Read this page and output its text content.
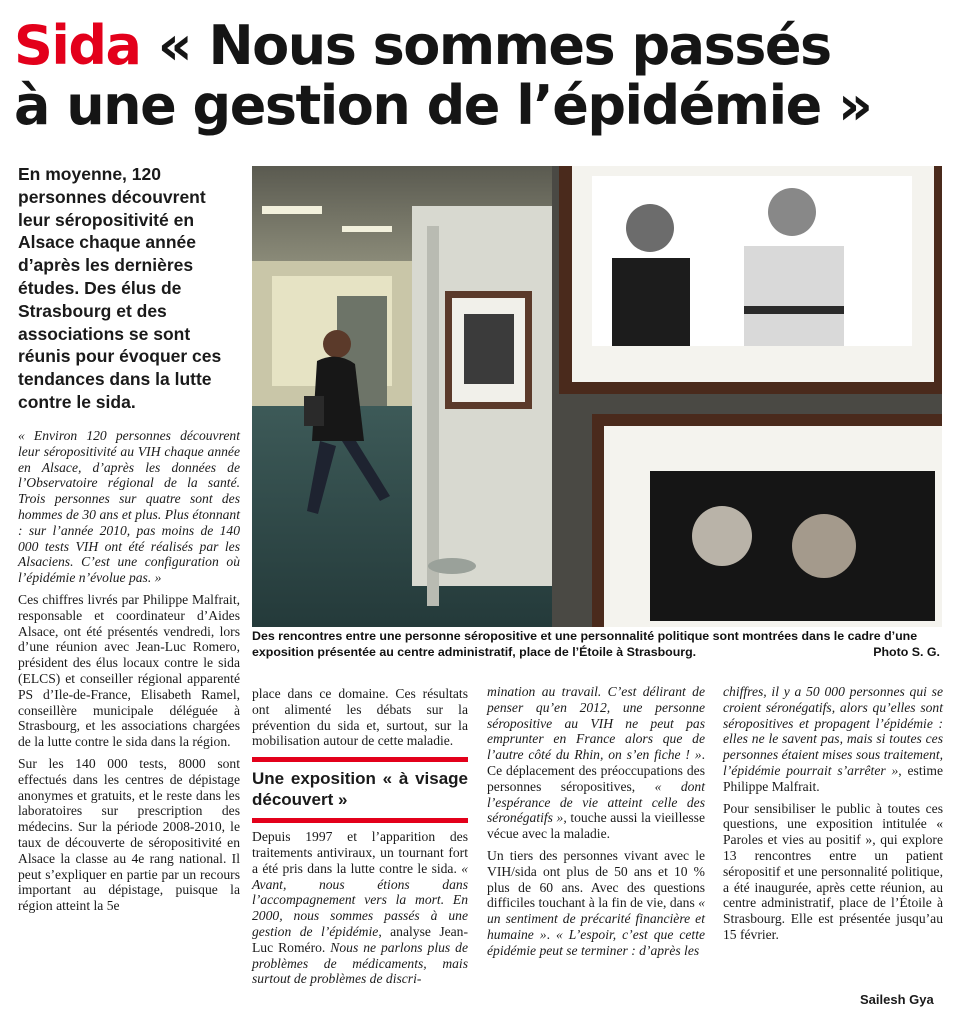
Sida « Nous sommes passés
à une gestion de l’épidémie »
En moyenne, 120 personnes découvrent leur séropositivité en Alsace chaque année d’après les dernières études. Des élus de Strasbourg et des associations se sont réunis pour évoquer ces tendances dans la lutte contre le sida.
Des rencontres entre une personne séropositive et une personnalité politique sont montrées dans le cadre d’une exposition présentée au centre administratif, place de l’Étoile à Strasbourg.	Photo S. G.

« Environ 120 personnes découvrent leur séropositivité au VIH chaque année en Alsace, d’après les données de l’Observatoire régional de la santé. Trois personnes sur quatre sont des hommes de 30 ans et plus. Plus étonnant : sur l’année 2010, pas moins de 140 000 tests VIH ont été réalisés par les Alsaciens. C’est une configuration où l’épidémie n’évolue pas. »

Ces chiffres livrés par Philippe Malfrait, responsable et coordinateur d’Aides Alsace, ont été présentés vendredi, lors d’une réunion avec Jean-Luc Romero, président des élus locaux contre le sida (ELCS) et conseiller régional apparenté PS d’Ile-de-France, Elisabeth Ramel, conseillère municipale déléguée à Strasbourg, et les associations chargées de la lutte contre le sida dans la région.

Sur les 140 000 tests, 8000 sont effectués dans les centres de dépistage anonymes et gratuits, et le reste dans les laboratoires sur prescription des médecins. Sur la période 2008-2010, le taux de découverte de séropositivité en Alsace la classe au 4e rang national. Il peut s’expliquer en partie par un recours important au dépistage, puisque la région atteint la 5e

place dans ce domaine. Ces résultats ont alimenté les débats sur la prévention du sida et, surtout, sur la mobilisation autour de cette maladie.

Une exposition « à visage découvert »

Depuis 1997 et l’apparition des traitements antiviraux, un tournant fort a été pris dans la lutte contre le sida. « Avant, nous étions dans l’accompagnement vers la mort. En 2000, nous sommes passés à une gestion de l’épidémie, analyse Jean-Luc Roméro. Nous ne parlons plus de problèmes de médicaments, mais surtout de problèmes de discri-

mination au travail. C’est délirant de penser qu’en 2012, une personne séropositive au VIH ne peut pas emprunter en France alors que de l’autre côté du Rhin, on s’en fiche ! ». Ce déplacement des préoccupations des personnes séropositives, « dont l’espérance de vie atteint celle des séronégatifs », touche aussi la vieillesse vécue avec la maladie.

Un tiers des personnes vivant avec le VIH/sida ont plus de 50 ans et 10 % plus de 60 ans. Avec des questions difficiles touchant à la fin de vie, dans « un sentiment de précarité financière et humaine ». « L’espoir, c’est que cette épidémie peut se terminer : d’après les

chiffres, il y a 50 000 personnes qui se croient séronégatifs, alors qu’elles sont séropositives et propagent l’épidémie : elles ne le savent pas, mais si toutes ces personnes étaient mises sous traitement, l’épidémie pourrait s’arrêter », estime Philippe Malfrait.

Pour sensibiliser le public à toutes ces questions, une exposition intitulée « Paroles et vies au positif », qui explore 13 rencontres entre un patient séropositif et une personnalité politique, a été inaugurée, après cette réunion, au centre administratif, place de l’Étoile à Strasbourg. Elle est présentée jusqu’au 15 février.

Sailesh Gya
